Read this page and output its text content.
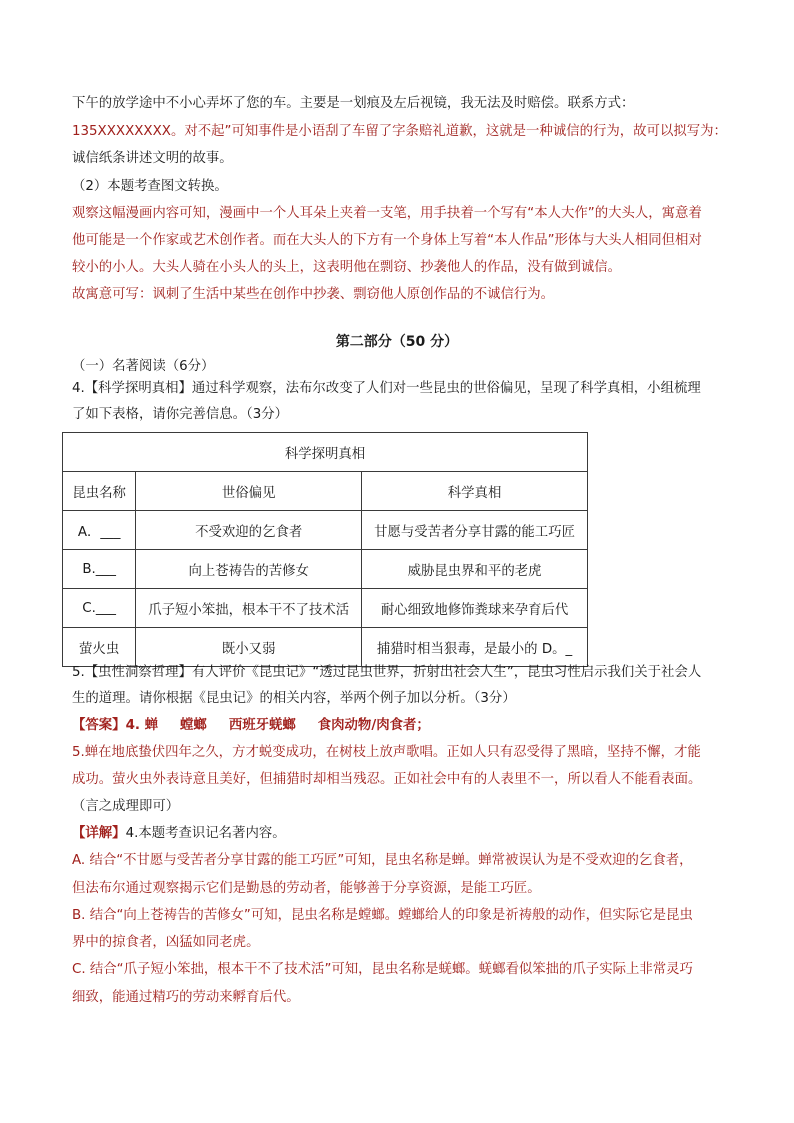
下午的放学途中不小心弄坏了您的车。主要是一划痕及左后视镜，我无法及时赔偿。联系方式：
135XXXXXXXX。对不起”可知事件是小语刮了车留了字条赔礼道歉，这就是一种诚信的行为，故可以拟写为：
诚信纸条讲述文明的故事。
（2）本题考查图文转换。
观察这幅漫画内容可知，漫画中一个人耳朵上夹着一支笔，用手抉着一个写有“本人大作”的大头人，寓意着
他可能是一个作家或艺术创作者。而在大头人的下方有一个身体上写着“本人作品”形体与大头人相同但相对
较小的小人。大头人骑在小头人的头上，这表明他在剽窃、抄袭他人的作品，没有做到诚信。
故寓意可写：讽刺了生活中某些在创作中抄袭、剽窃他人原创作品的不诚信行为。
第二部分（50 分）
（一）名著阅读（6分）
4.【科学探明真相】通过科学观察，法布尔改变了人们对一些昆虫的世俗偏见，呈现了科学真相，小组梳理
了如下表格，请你完善信息。（3分）
科学探明真相		
昆虫名称	世俗偏见	科学真相
A．___	不受欢迎的乞食者	甘愿与受苦者分享甘露的能工巧匠
B.___	向上苍祷告的苦修女	威胁昆虫界和平的老虎
C.___	爪子短小笨拙，根本干不了技术活	耐心细致地修饰粪球来孕育后代
萤火虫	既小又弱	捕猎时相当狠毒，是最小的 D。_
5.【虫性洞察哲理】有人评价《昆虫记》“透过昆虫世界，折射出社会人生”，昆虫习性启示我们关于社会人
生的道理。请你根据《昆虫记》的相关内容，举两个例子加以分析。（3分）
【答案】4. 蝉 螳螂 西班牙蜣螂 食肉动物/肉食者；
5.蝉在地底蛰伏四年之久，方才蜕变成功，在树枝上放声歌唱。正如人只有忍受得了黑暗，坚持不懈，才能
成功。萤火虫外表诗意且美好，但捕猎时却相当残忍。正如社会中有的人表里不一，所以看人不能看表面。
（言之成理即可）
【详解】4.本题考查识记名著内容。
A. 结合“不甘愿与受苦者分享甘露的能工巧匠”可知，昆虫名称是蝉。蝉常被误认为是不受欢迎的乞食者，
但法布尔通过观察揭示它们是勤恳的劳动者，能够善于分享资源，是能工巧匠。
B. 结合“向上苍祷告的苦修女”可知，昆虫名称是螳螂。螳螂给人的印象是祈祷般的动作，但实际它是昆虫
界中的掠食者，凶猛如同老虎。
C. 结合“爪子短小笨拙，根本干不了技术活”可知，昆虫名称是蜣螂。蜣螂看似笨拙的爪子实际上非常灵巧
细致，能通过精巧的劳动来孵育后代。
